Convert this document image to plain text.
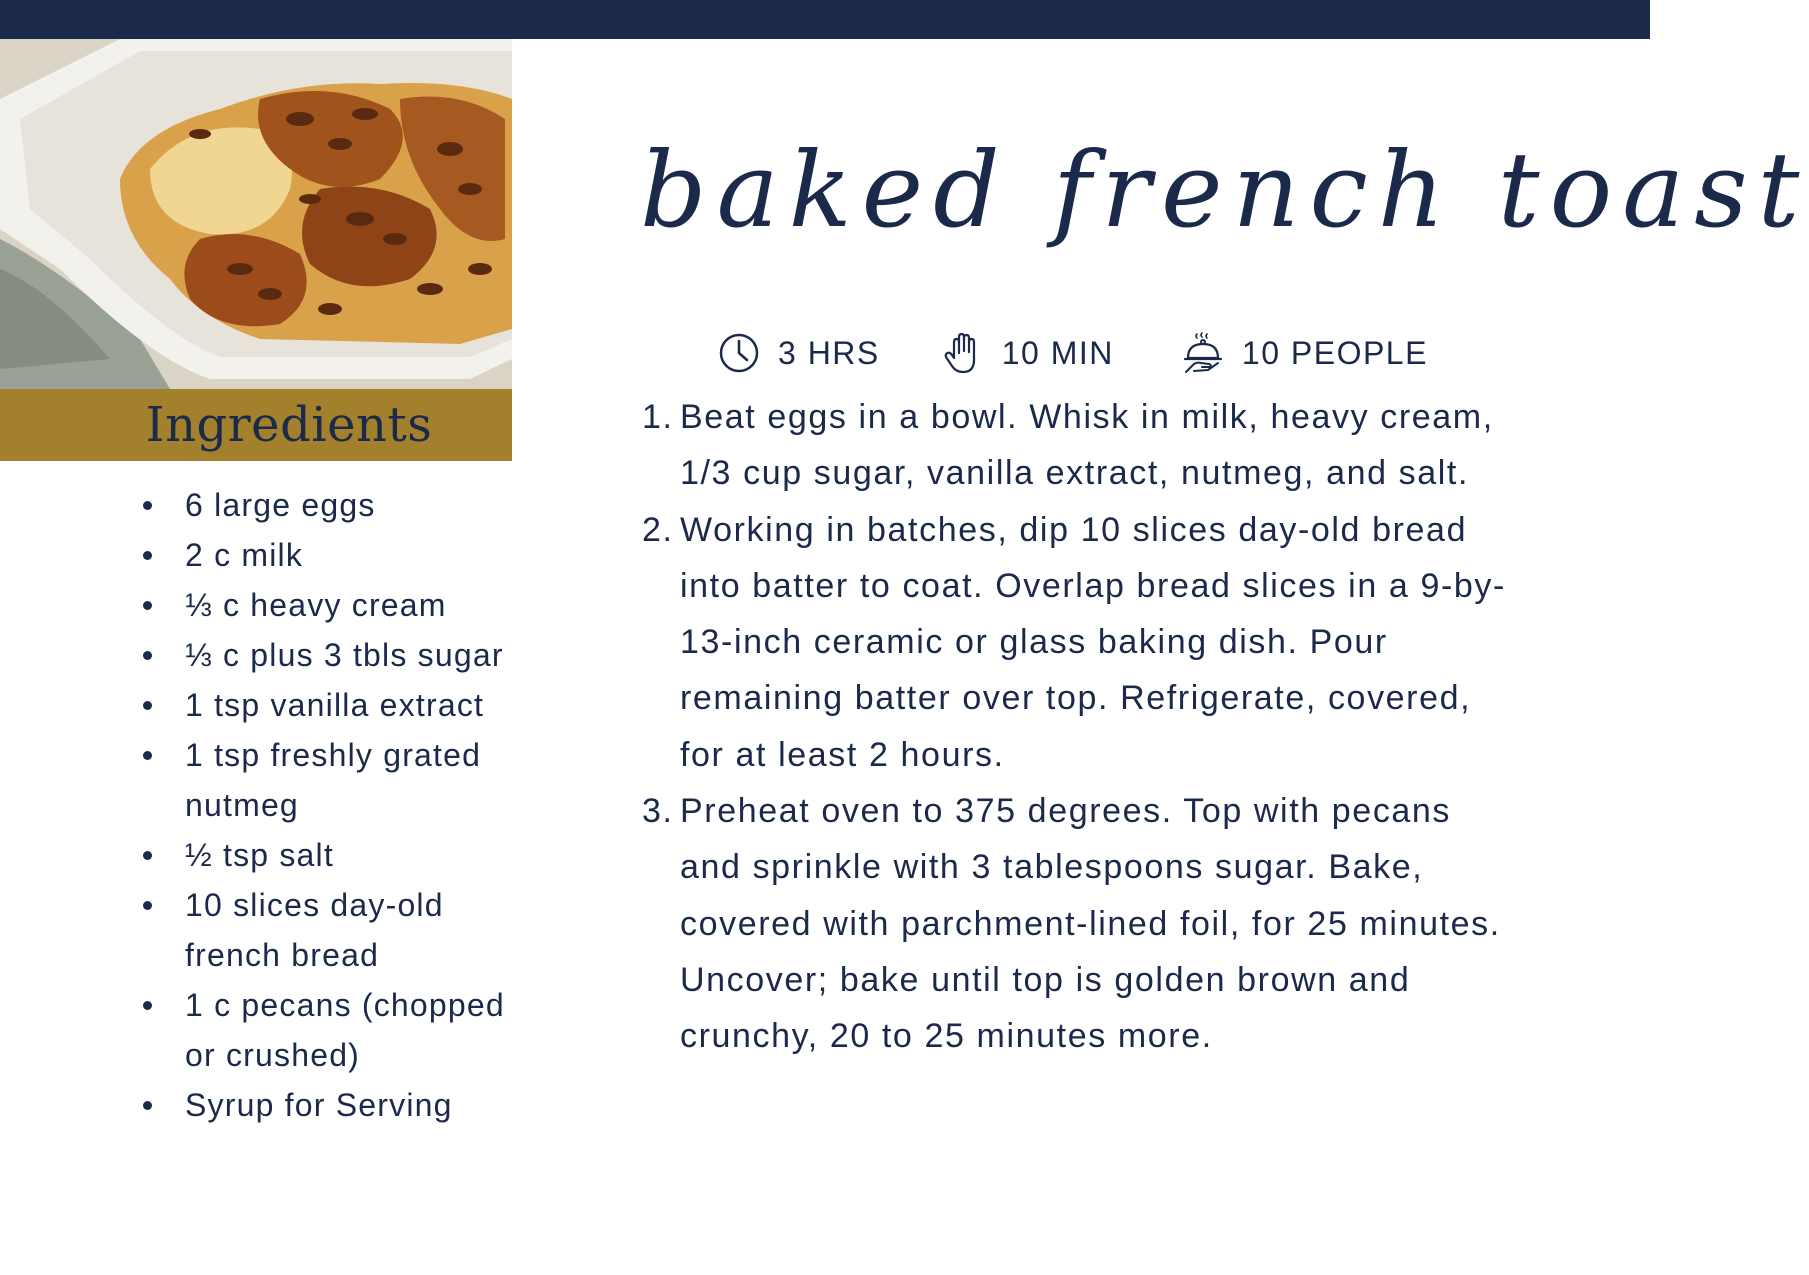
Ingredients
6 large eggs
2 c milk
⅓ c heavy cream
⅓ c plus 3 tbls sugar
1 tsp vanilla extract
1 tsp freshly grated nutmeg
½ tsp salt
10 slices day-old french bread
1 c pecans (chopped or crushed)
Syrup for Serving
baked french toast
3 HRS	10 MIN	10 PEOPLE
1. Beat eggs in a bowl. Whisk in milk, heavy cream, 1/3 cup sugar, vanilla extract, nutmeg, and salt.
2. Working in batches, dip 10 slices day-old bread into batter to coat. Overlap bread slices in a 9-by-13-inch ceramic or glass baking dish. Pour remaining batter over top. Refrigerate, covered, for at least 2 hours.
3. Preheat oven to 375 degrees. Top with pecans and sprinkle with 3 tablespoons sugar. Bake, covered with parchment-lined foil, for 25 minutes. Uncover; bake until top is golden brown and crunchy, 20 to 25 minutes more.
